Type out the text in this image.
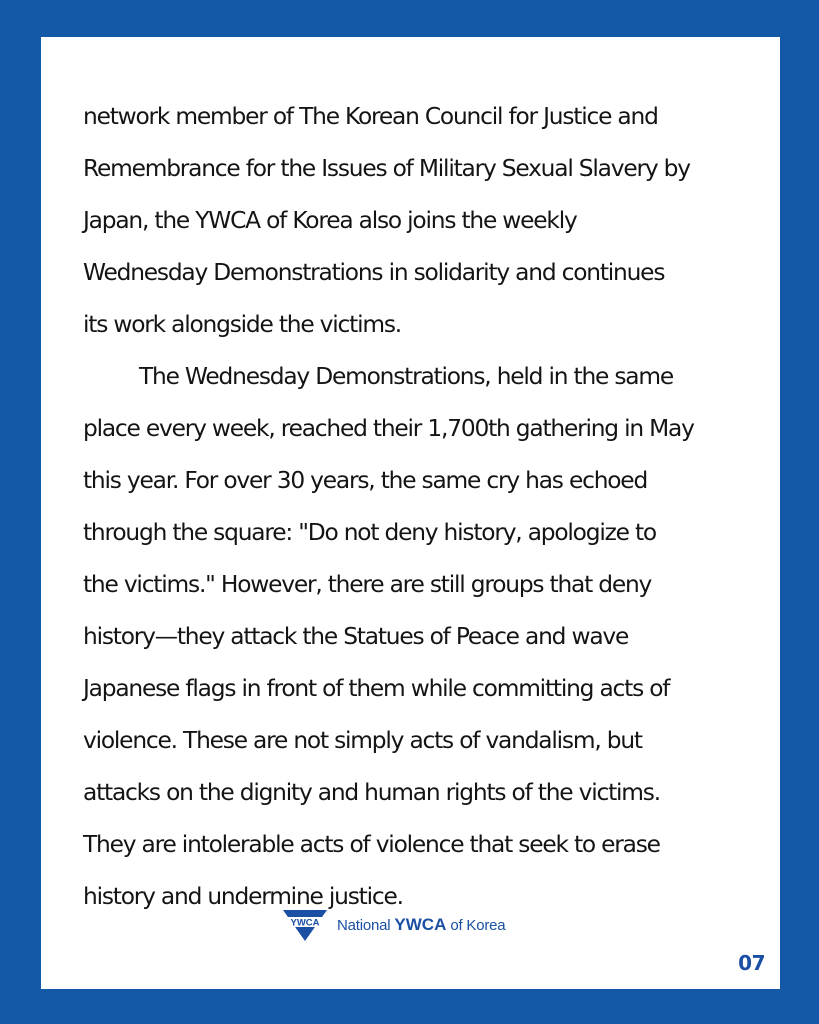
network member of The Korean Council for Justice and
Remembrance for the Issues of Military Sexual Slavery by
Japan, the YWCA of Korea also joins the weekly
Wednesday Demonstrations in solidarity and continues
its work alongside the victims.
The Wednesday Demonstrations, held in the same
place every week, reached their 1,700th gathering in May
this year. For over 30 years, the same cry has echoed
through the square: "Do not deny history, apologize to
the victims." However, there are still groups that deny
history—they attack the Statues of Peace and wave
Japanese flags in front of them while committing acts of
violence. These are not simply acts of vandalism, but
attacks on the dignity and human rights of the victims.
They are intolerable acts of violence that seek to erase
history and undermine justice.
YWCA National YWCA of Korea
07
